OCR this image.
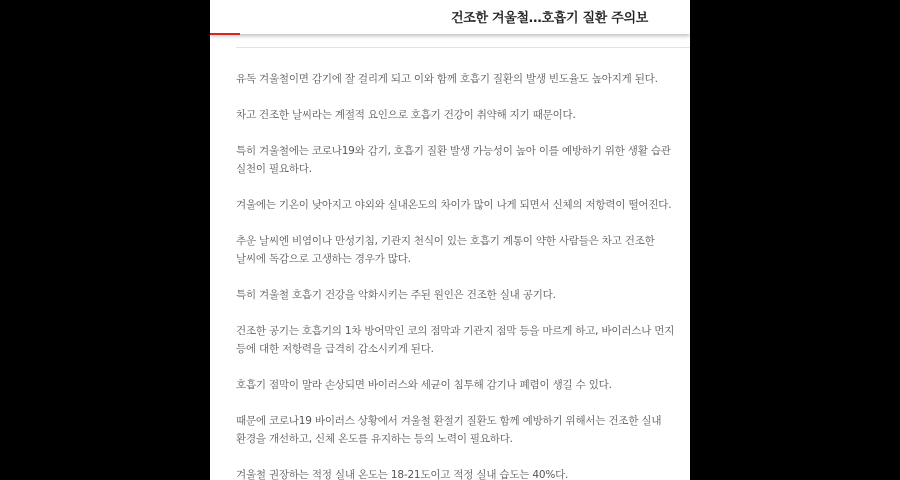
건조한 겨울철…호흡기 질환 주의보

유독 겨울철이면 감기에 잘 걸리게 되고 이와 함께 호흡기 질환의 발생 빈도율도 높아지게 된다.

차고 건조한 날씨라는 계절적 요인으로 호흡기 건강이 취약해 지기 때문이다.

특히 겨울철에는 코로나19와 감기, 호흡기 질환 발생 가능성이 높아 이를 예방하기 위한 생활 습관 실천이 필요하다.

겨울에는 기온이 낮아지고 야외와 실내온도의 차이가 많이 나게 되면서 신체의 저항력이 떨어진다.

추운 날씨엔 비염이나 만성기침, 기관지 천식이 있는 호흡기 계통이 약한 사람들은 차고 건조한 날씨에 독감으로 고생하는 경우가 많다.

특히 겨울철 호흡기 건강을 악화시키는 주된 원인은 건조한 실내 공기다.

건조한 공기는 호흡기의 1차 방어막인 코의 점막과 기관지 점막 등을 마르게 하고, 바이러스나 먼지 등에 대한 저항력을 급격히 감소시키게 된다.

호흡기 점막이 말라 손상되면 바이러스와 세균이 침투해 감기나 폐렴이 생길 수 있다.

때문에 코로나19 바이러스 상황에서 겨울철 환절기 질환도 함께 예방하기 위해서는 건조한 실내 환경을 개선하고, 신체 온도를 유지하는 등의 노력이 필요하다.

겨울철 권장하는 적정 실내 온도는 18-21도이고 적정 실내 습도는 40%다.
